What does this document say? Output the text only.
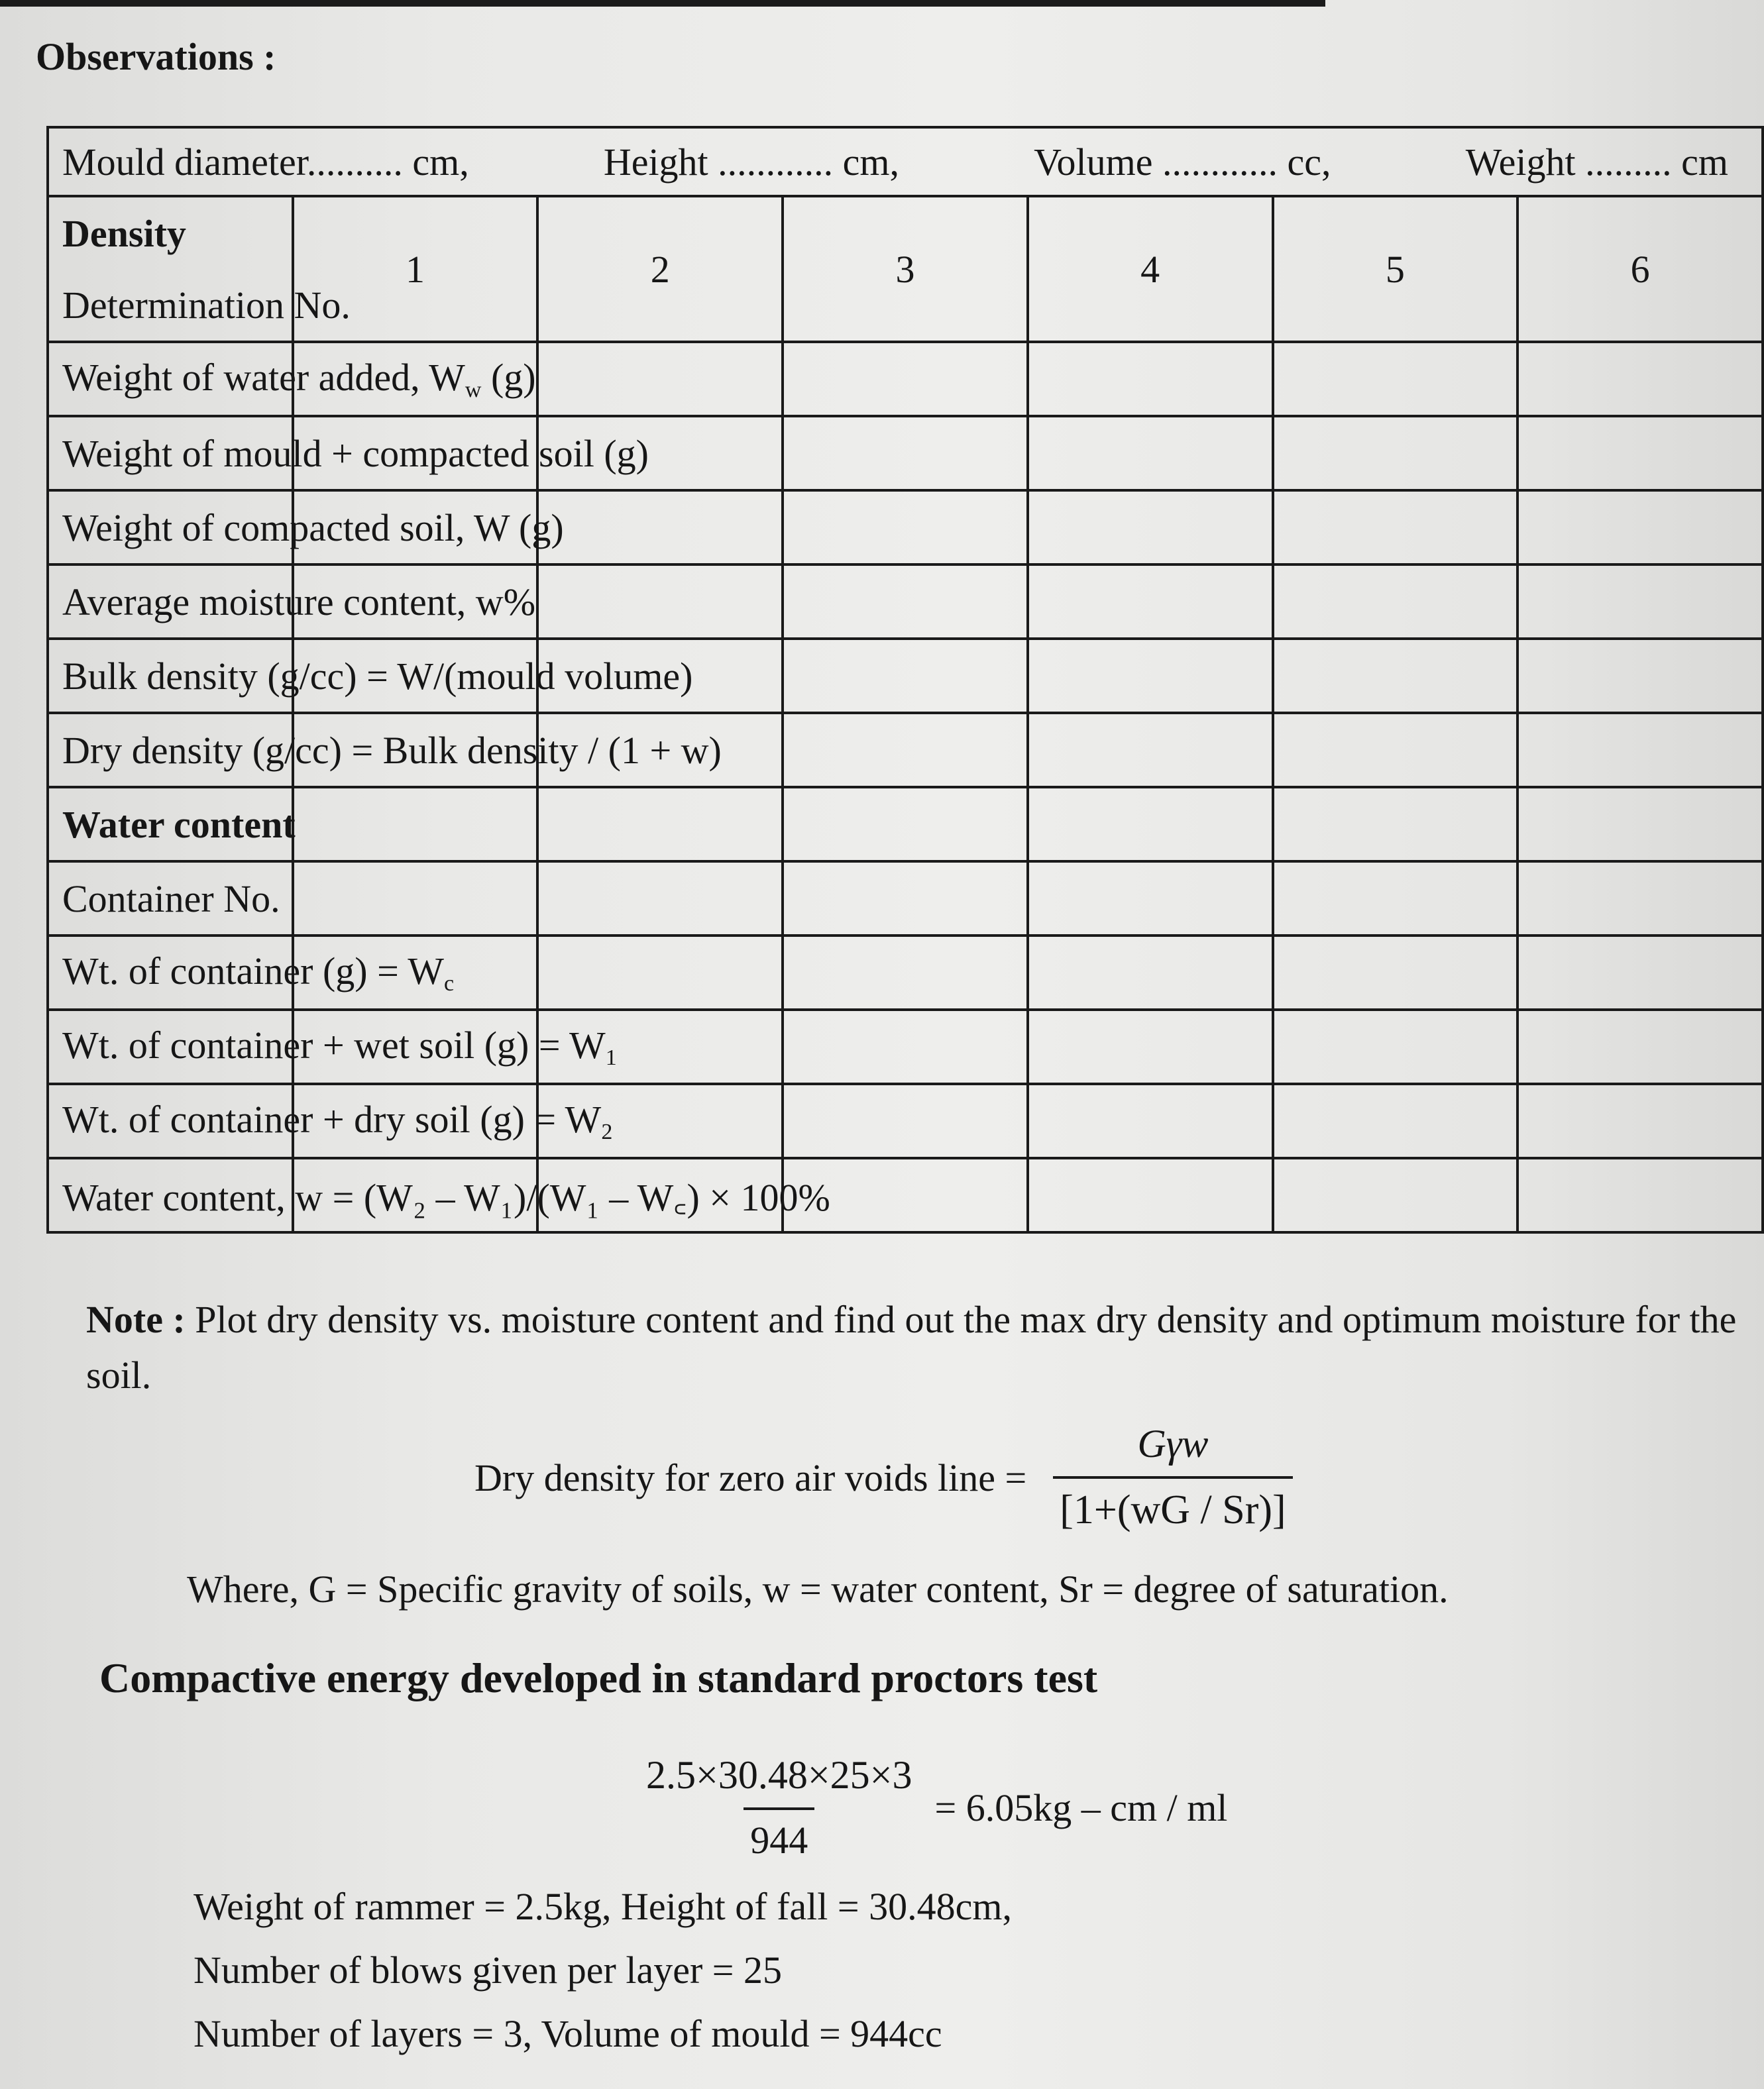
Observations :
Mould diameter.......... cm, Height ............ cm, Volume ............ cc, Weight ......... cm						

Density	1	2	3	4	5	6
Determination No.						
Weight of water added, $W_w$ (g)						
Weight of mould + compacted soil (g)						
Weight of compacted soil, W (g)						
Average moisture content, w%						
Bulk density (g/cc) = W/(mould volume)						
Dry density (g/cc) = Bulk density / (1 + w)						
Water content						
Container No.						
Wt. of container $(g) = W_c$						
Wt. of container + wet soil $(g) = W_1$						
Wt. of container + dry soil $(g) = W_2$						
Water content, w = (W₂ – W₁)/(W₁ – W꜀) × 100%						

Note : Plot dry density vs. moisture content and find out the max dry density and optimum moisture for the soil.

Dry density for zero air voids line = $\frac{\text{Gγw}}{[1+(wG / Sr)]}$

Where, G = Specific gravity of soils, w = water content, Sr = degree of saturation.

Compactive energy developed in standard proctors test
$\frac{2.5\times 30.48\times 25\times 3}{944} = 6.05kg$ – cm / ml
Weight of rammer = 2.5kg, Height of fall = 30.48cm,
Number of blows given per layer = 25
Number of layers = 3, Volume of mould = 944cc
